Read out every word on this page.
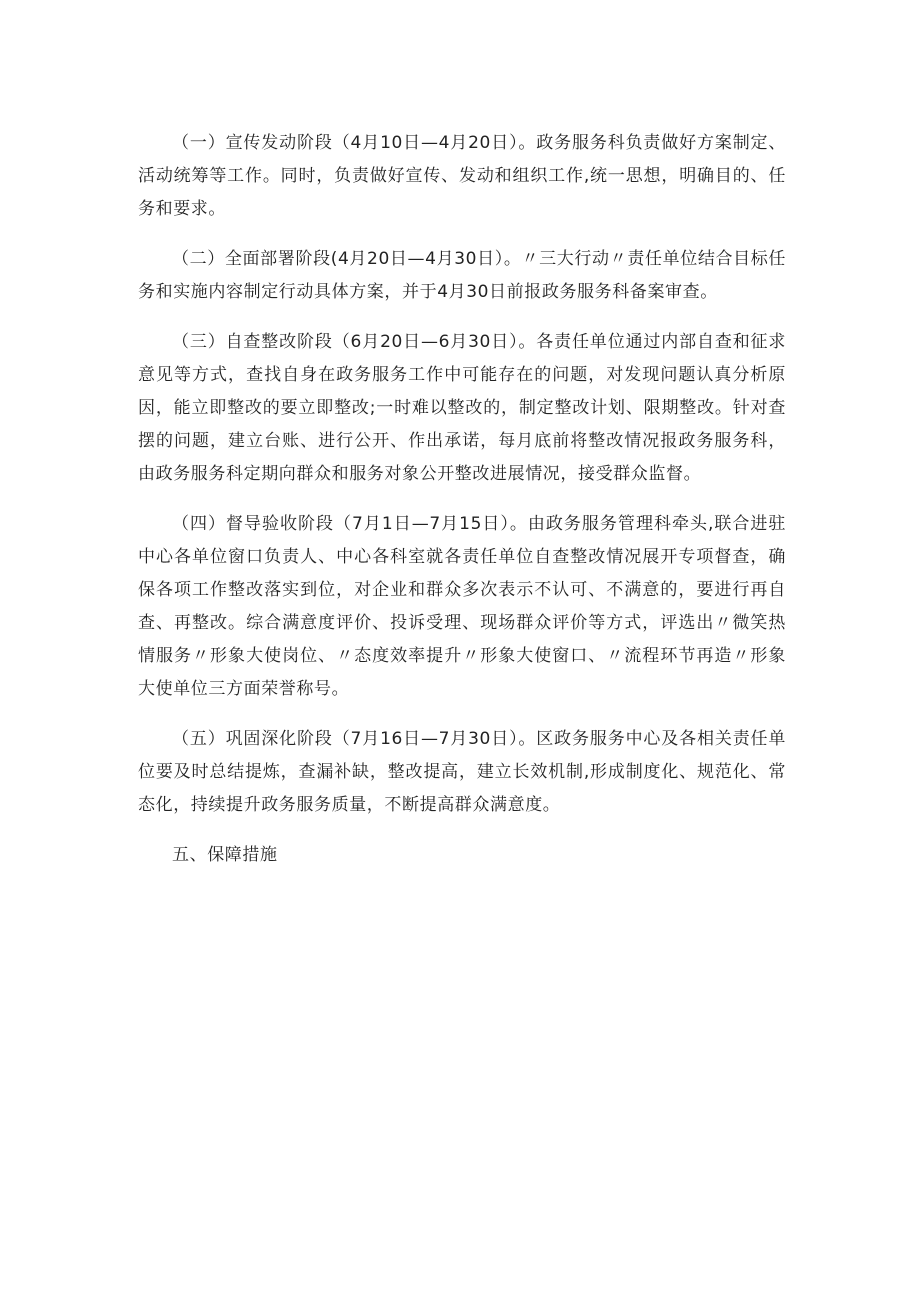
（一）宣传发动阶段（4月10日—4月20日）。政务服务科负责做好方案制定、活动统筹等工作。同时，负责做好宣传、发动和组织工作,统一思想，明确目的、任务和要求。

（二）全面部署阶段(4月20日—4月30日）。〃三大行动〃责任单位结合目标任务和实施内容制定行动具体方案，并于4月30日前报政务服务科备案审查。

（三）自查整改阶段（6月20日—6月30日）。各责任单位通过内部自查和征求意见等方式，查找自身在政务服务工作中可能存在的问题，对发现问题认真分析原因，能立即整改的要立即整改;一时难以整改的，制定整改计划、限期整改。针对查摆的问题，建立台账、进行公开、作出承诺，每月底前将整改情况报政务服务科，由政务服务科定期向群众和服务对象公开整改进展情况，接受群众监督。

（四）督导验收阶段（7月1日—7月15日）。由政务服务管理科牵头,联合进驻中心各单位窗口负责人、中心各科室就各责任单位自查整改情况展开专项督查，确保各项工作整改落实到位，对企业和群众多次表示不认可、不满意的，要进行再自查、再整改。综合满意度评价、投诉受理、现场群众评价等方式，评选出〃微笑热情服务〃形象大使岗位、〃态度效率提升〃形象大使窗口、〃流程环节再造〃形象大使单位三方面荣誉称号。

（五）巩固深化阶段（7月16日—7月30日）。区政务服务中心及各相关责任单位要及时总结提炼，查漏补缺，整改提高，建立长效机制,形成制度化、规范化、常态化，持续提升政务服务质量，不断提高群众满意度。

五、保障措施
